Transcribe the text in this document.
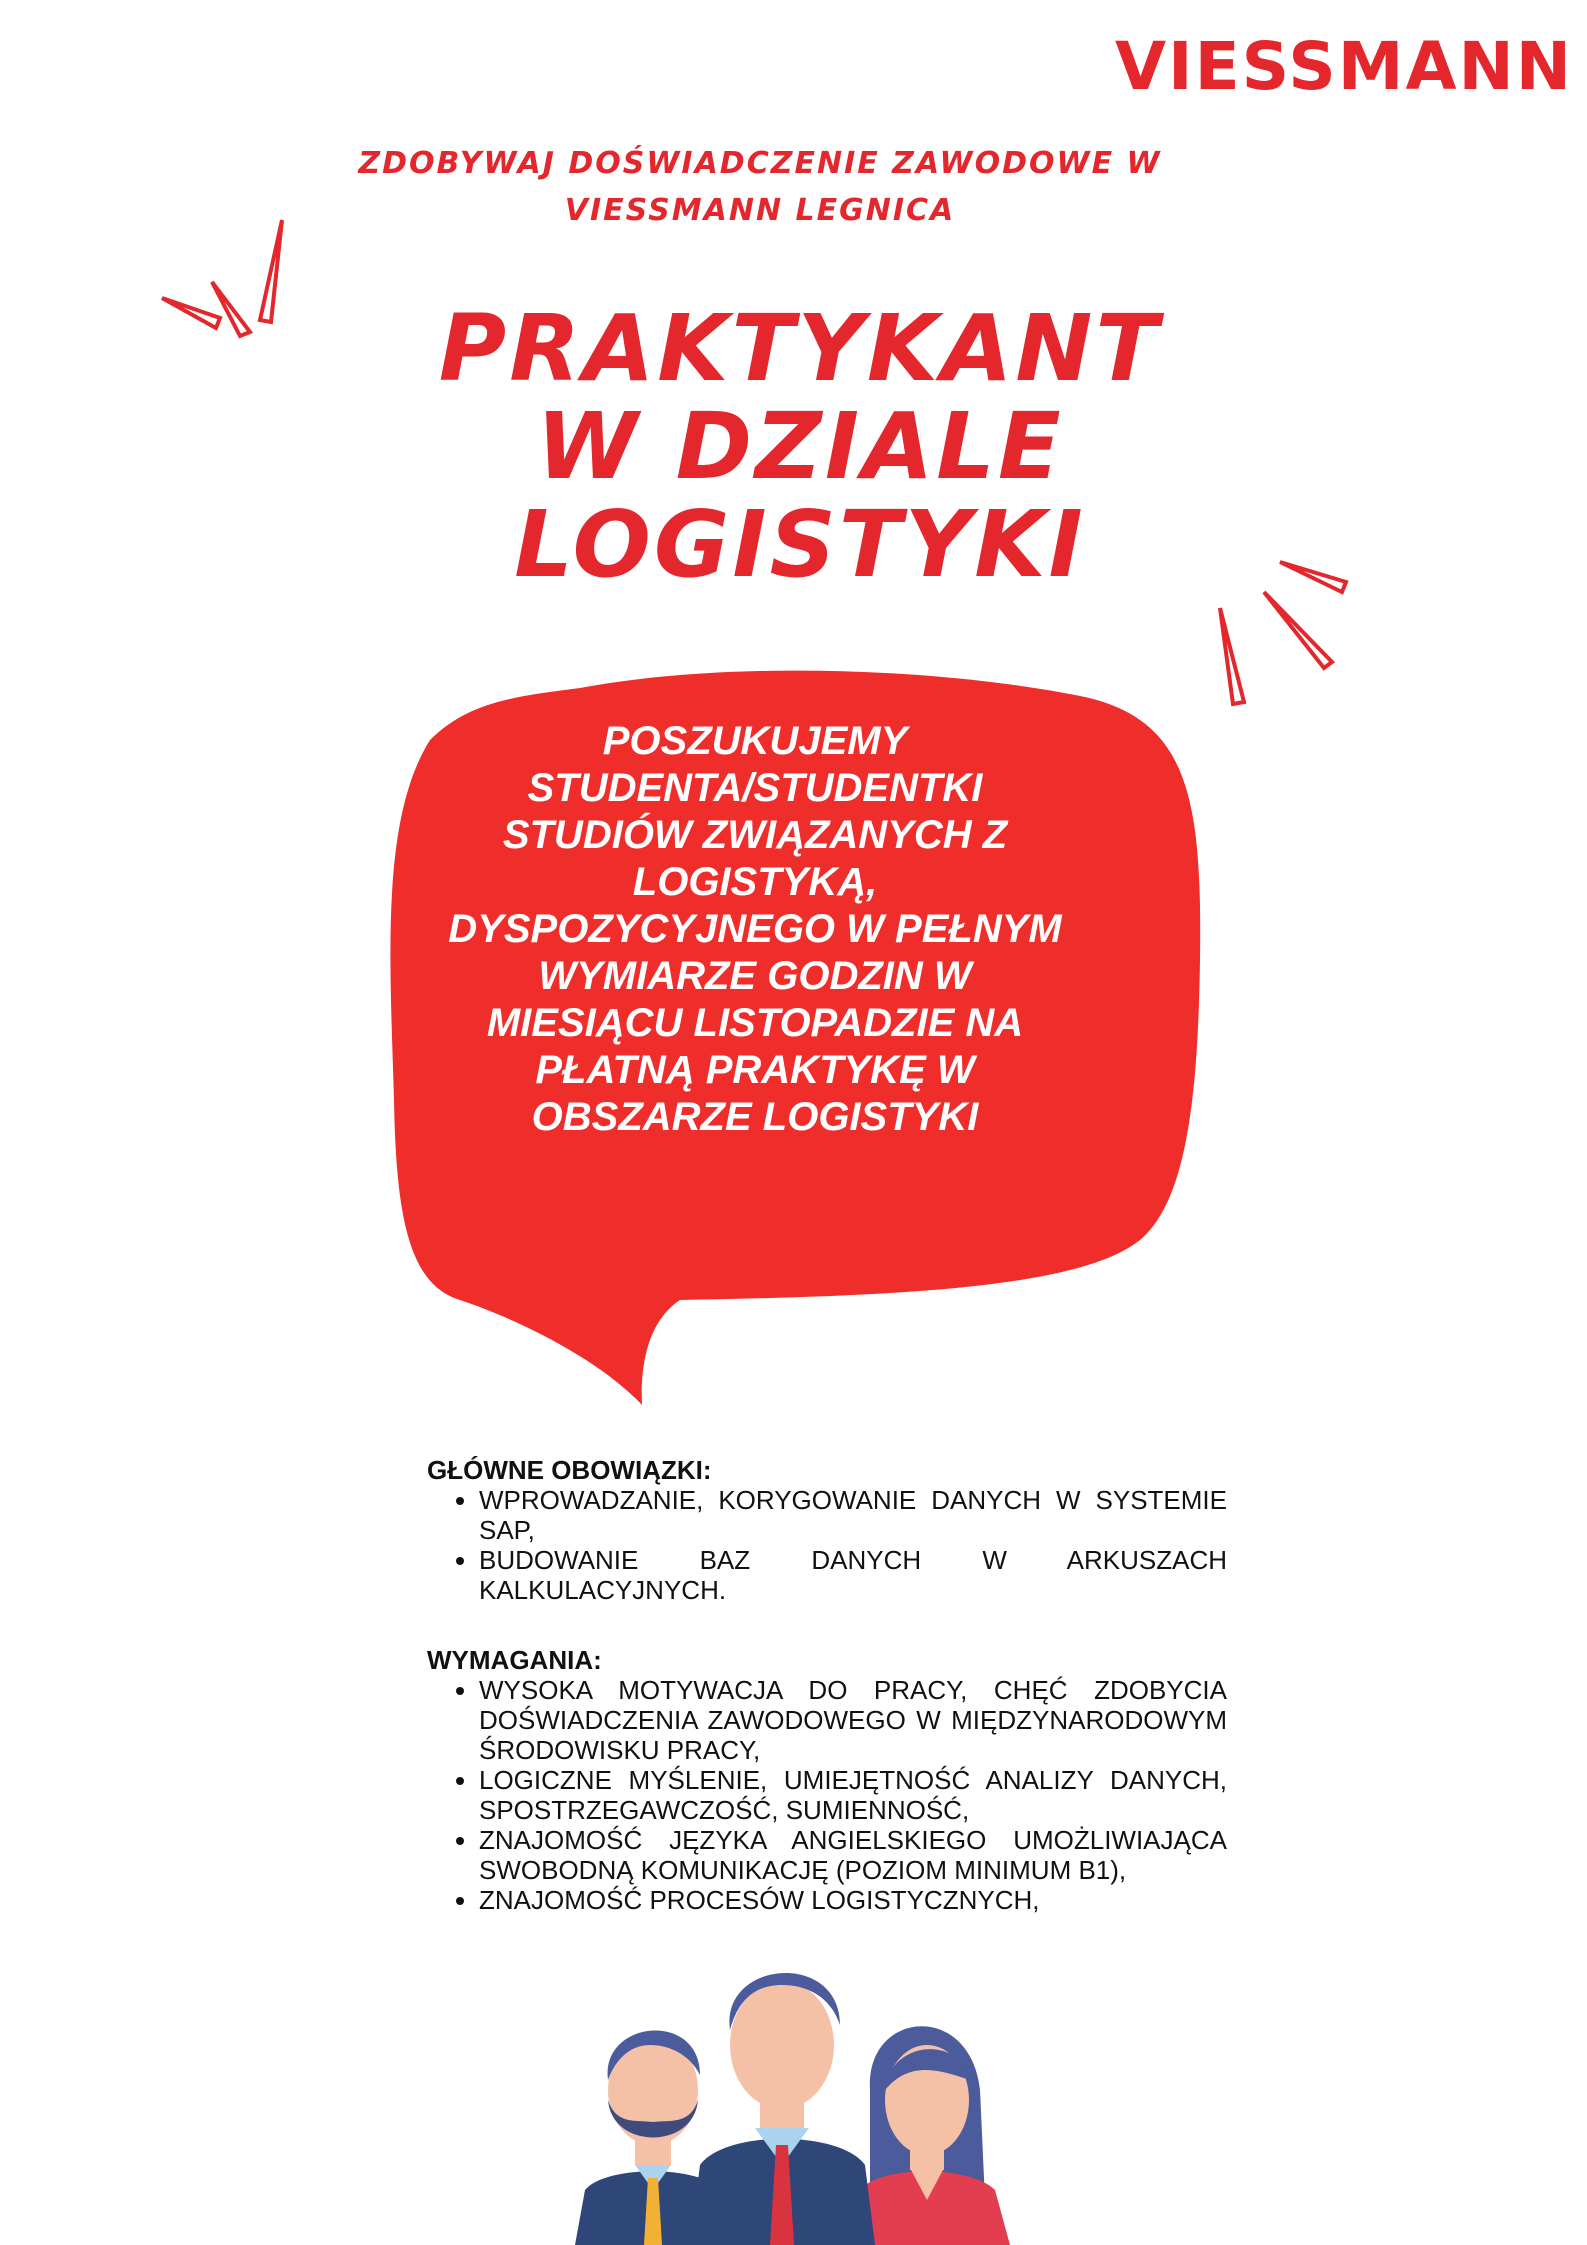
VIESSMANN
ZDOBYWAJ DOŚWIADCZENIE ZAWODOWE W
VIESSMANN LEGNICA
PRAKTYKANT
W DZIALE
LOGISTYKI
POSZUKUJEMY
STUDENTA/STUDENTKI
STUDIÓW ZWIĄZANYCH Z
LOGISTYKĄ,
DYSPOZYCYJNEGO W PEŁNYM
WYMIARZE GODZIN W
MIESIĄCU LISTOPADZIE NA
PŁATNĄ PRAKTYKĘ W
OBSZARZE LOGISTYKI
GŁÓWNE OBOWIĄZKI:
• WPROWADZANIE, KORYGOWANIE DANYCH W SYSTEMIE SAP,
• BUDOWANIE BAZ DANYCH W ARKUSZACH KALKULACYJNYCH.
WYMAGANIA:
• WYSOKA MOTYWACJA DO PRACY, CHĘĆ ZDOBYCIA DOŚWIADCZENIA ZAWODOWEGO W MIĘDZYNARODOWYM ŚRODOWISKU PRACY,
• LOGICZNE MYŚLENIE, UMIEJĘTNOŚĆ ANALIZY DANYCH, SPOSTRZEGAWCZOŚĆ, SUMIENNOŚĆ,
• ZNAJOMOŚĆ JĘZYKA ANGIELSKIEGO UMOŻLIWIAJĄCA SWOBODNĄ KOMUNIKACJĘ (POZIOM MINIMUM B1),
• ZNAJOMOŚĆ PROCESÓW LOGISTYCZNYCH,
